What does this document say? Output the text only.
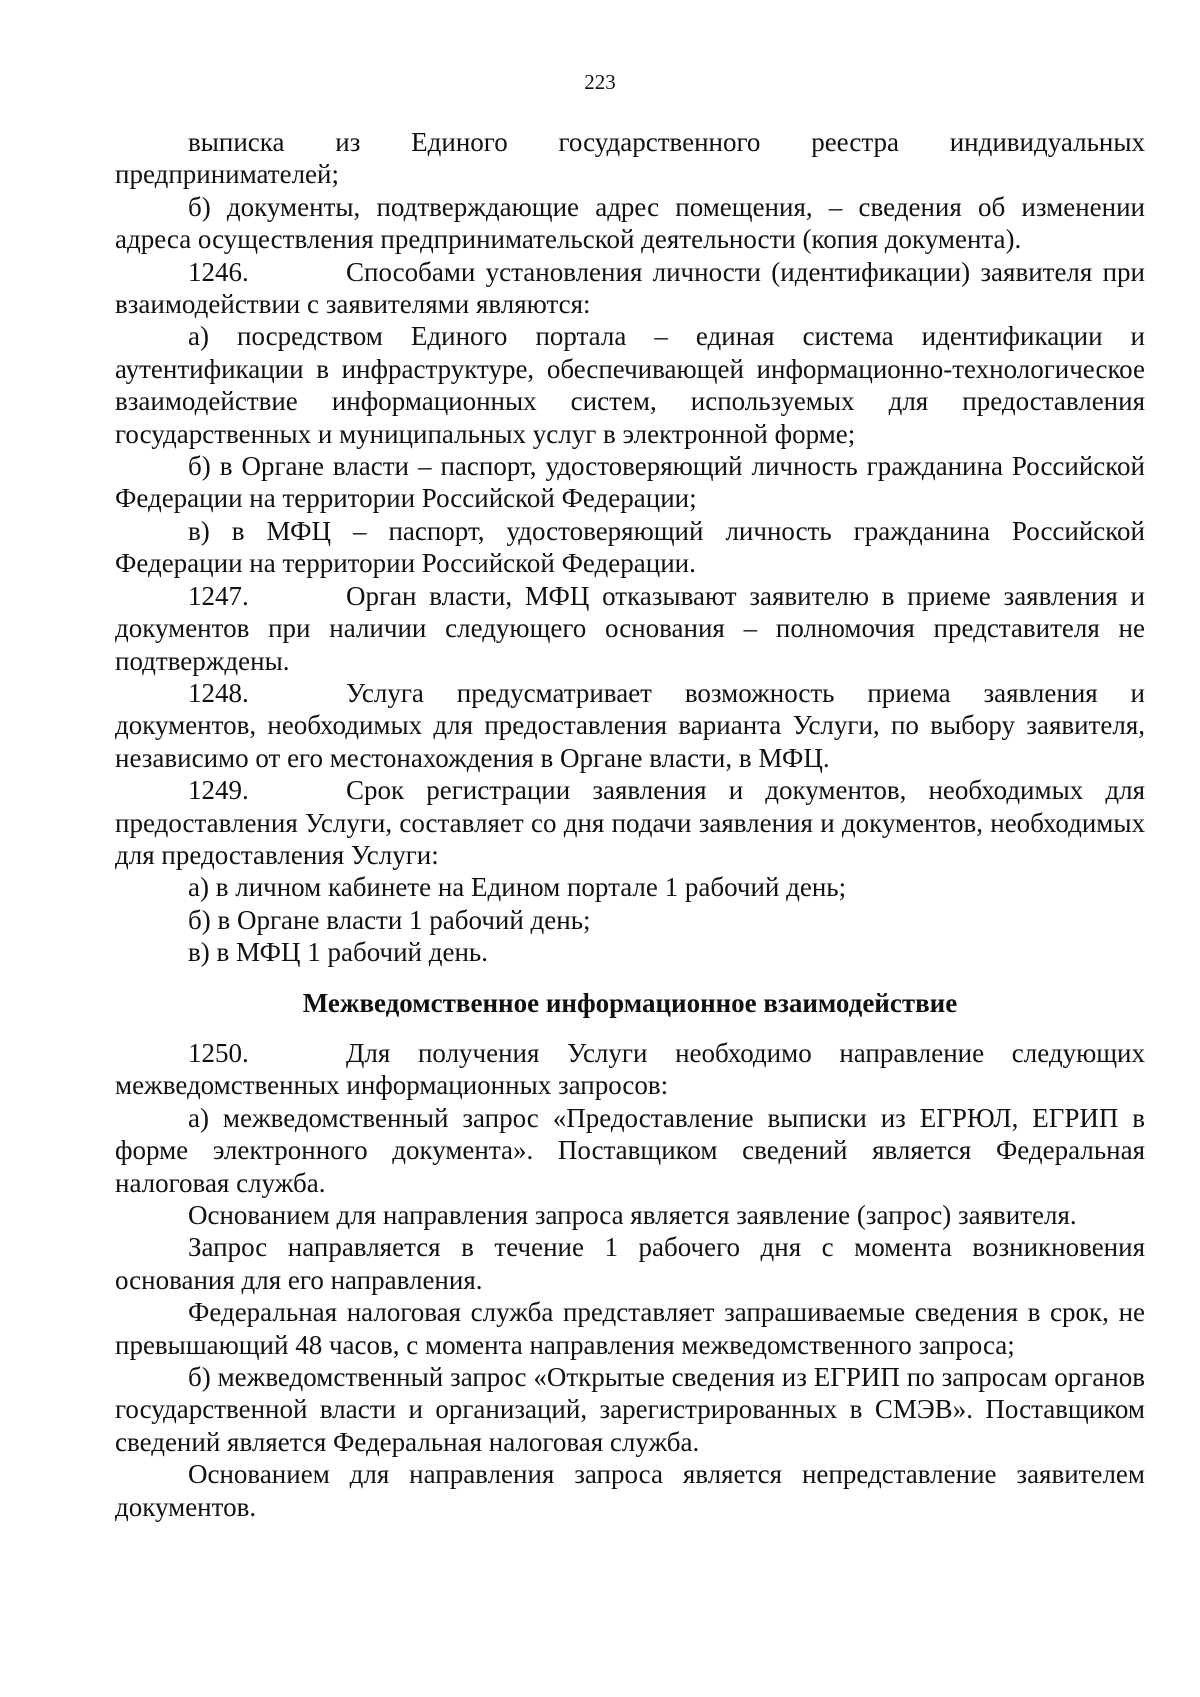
223

выписка из Единого государственного реестра индивидуальных предпринимателей;

б) документы, подтверждающие адрес помещения, – сведения об изменении адреса осуществления предпринимательской деятельности (копия документа).

1246.	Способами установления личности (идентификации) заявителя при взаимодействии с заявителями являются:

а) посредством Единого портала – единая система идентификации и аутентификации в инфраструктуре, обеспечивающей информационно-технологическое взаимодействие информационных систем, используемых для предоставления государственных и муниципальных услуг в электронной форме;

б) в Органе власти – паспорт, удостоверяющий личность гражданина Российской Федерации на территории Российской Федерации;

в) в МФЦ – паспорт, удостоверяющий личность гражданина Российской Федерации на территории Российской Федерации.

1247.	Орган власти, МФЦ отказывают заявителю в приеме заявления и документов при наличии следующего основания – полномочия представителя не подтверждены.

1248.	Услуга предусматривает возможность приема заявления и документов, необходимых для предоставления варианта Услуги, по выбору заявителя, независимо от его местонахождения в Органе власти, в МФЦ.

1249.	Срок регистрации заявления и документов, необходимых для предоставления Услуги, составляет со дня подачи заявления и документов, необходимых для предоставления Услуги:

а) в личном кабинете на Едином портале 1 рабочий день;

б) в Органе власти 1 рабочий день;

в) в МФЦ 1 рабочий день.

Межведомственное информационное взаимодействие

1250.	Для получения Услуги необходимо направление следующих межведомственных информационных запросов:

а) межведомственный запрос «Предоставление выписки из ЕГРЮЛ, ЕГРИП в форме электронного документа». Поставщиком сведений является Федеральная налоговая служба.

Основанием для направления запроса является заявление (запрос) заявителя.

Запрос направляется в течение 1 рабочего дня с момента возникновения основания для его направления.

Федеральная налоговая служба представляет запрашиваемые сведения в срок, не превышающий 48 часов, с момента направления межведомственного запроса;

б) межведомственный запрос «Открытые сведения из ЕГРИП по запросам органов государственной власти и организаций, зарегистрированных в СМЭВ». Поставщиком сведений является Федеральная налоговая служба.

Основанием для направления запроса является непредставление заявителем документов.
